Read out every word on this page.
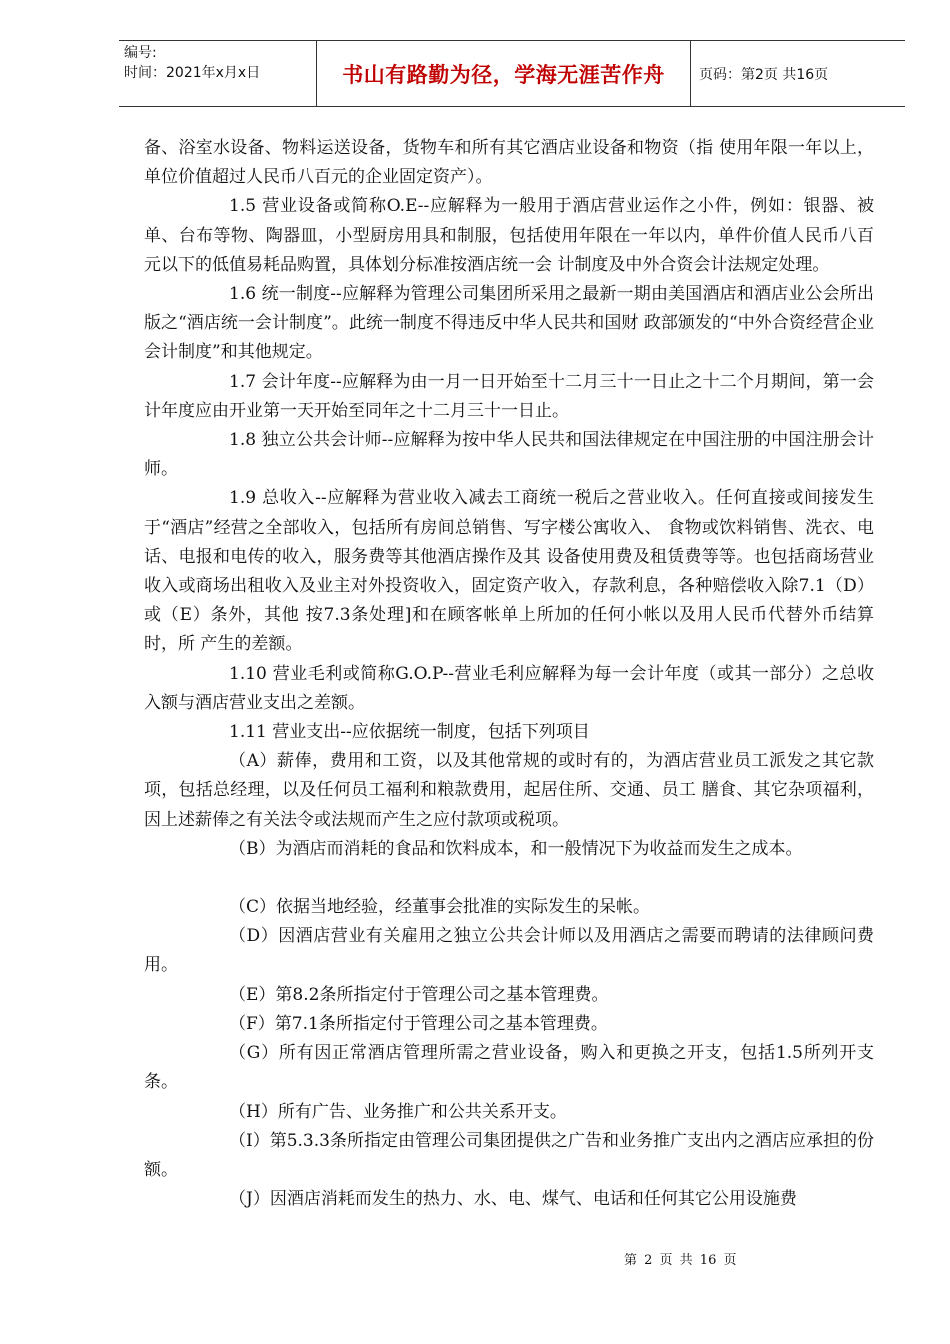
编号:
时间：2021年x月x日	书山有路勤为径，学海无涯苦作舟	页码：第2页 共16页

备、浴室水设备、物料运送设备，货物车和所有其它酒店业设备和物资（指 使用年限一年以上，单位价值超过人民币八百元的企业固定资产）。

1.5 营业设备或简称O.E--应解释为一般用于酒店营业运作之小件，例如：银器、被单、台布等物、陶器皿，小型厨房用具和制服，包括使用年限在一年以内，单件价值人民币八百元以下的低值易耗品购置，具体划分标准按酒店统一会 计制度及中外合资会计法规定处理。

1.6 统一制度--应解释为管理公司集团所采用之最新一期由美国酒店和酒店业公会所出版之“酒店统一会计制度”。此统一制度不得违反中华人民共和国财 政部颁发的“中外合资经营企业会计制度”和其他规定。

1.7 会计年度--应解释为由一月一日开始至十二月三十一日止之十二个月期间，第一会计年度应由开业第一天开始至同年之十二月三十一日止。

1.8 独立公共会计师--应解释为按中华人民共和国法律规定在中国注册的中国注册会计师。

1.9 总收入--应解释为营业收入减去工商统一税后之营业收入。任何直接或间接发生于“酒店”经营之全部收入，包括所有房间总销售、写字楼公寓收入、 食物或饮料销售、洗衣、电话、电报和电传的收入，服务费等其他酒店操作及其 设备使用费及租赁费等等。也包括商场营业收入或商场出租收入及业主对外投资收入，固定资产收入，存款利息，各种赔偿收入除7.1（D）或（E）条外，其他 按7.3条处理]和在顾客帐单上所加的任何小帐以及用人民币代替外币结算时，所 产生的差额。

1.10 营业毛利或简称G.O.P--营业毛利应解释为每一会计年度（或其一部分）之总收入额与酒店营业支出之差额。

1.11 营业支出--应依据统一制度，包括下列项目

（A）薪俸，费用和工资，以及其他常规的或时有的，为酒店营业员工派发之其它款项，包括总经理，以及任何员工福利和粮款费用，起居住所、交通、员工 膳食、其它杂项福利，因上述薪俸之有关法令或法规而产生之应付款项或税项。

（B）为酒店而消耗的食品和饮料成本，和一般情况下为收益而发生之成本。

（C）依据当地经验，经董事会批准的实际发生的呆帐。

（D）因酒店营业有关雇用之独立公共会计师以及用酒店之需要而聘请的法律顾问费用。

（E）第8.2条所指定付于管理公司之基本管理费。

（F）第7.1条所指定付于管理公司之基本管理费。

（G）所有因正常酒店管理所需之营业设备，购入和更换之开支，包括1.5所列开支条。

（H）所有广告、业务推广和公共关系开支。

（I）第5.3.3条所指定由管理公司集团提供之广告和业务推广支出内之酒店应承担的份额。

（J）因酒店消耗而发生的热力、水、电、煤气、电话和任何其它公用设施费

第 2 页 共 16 页
